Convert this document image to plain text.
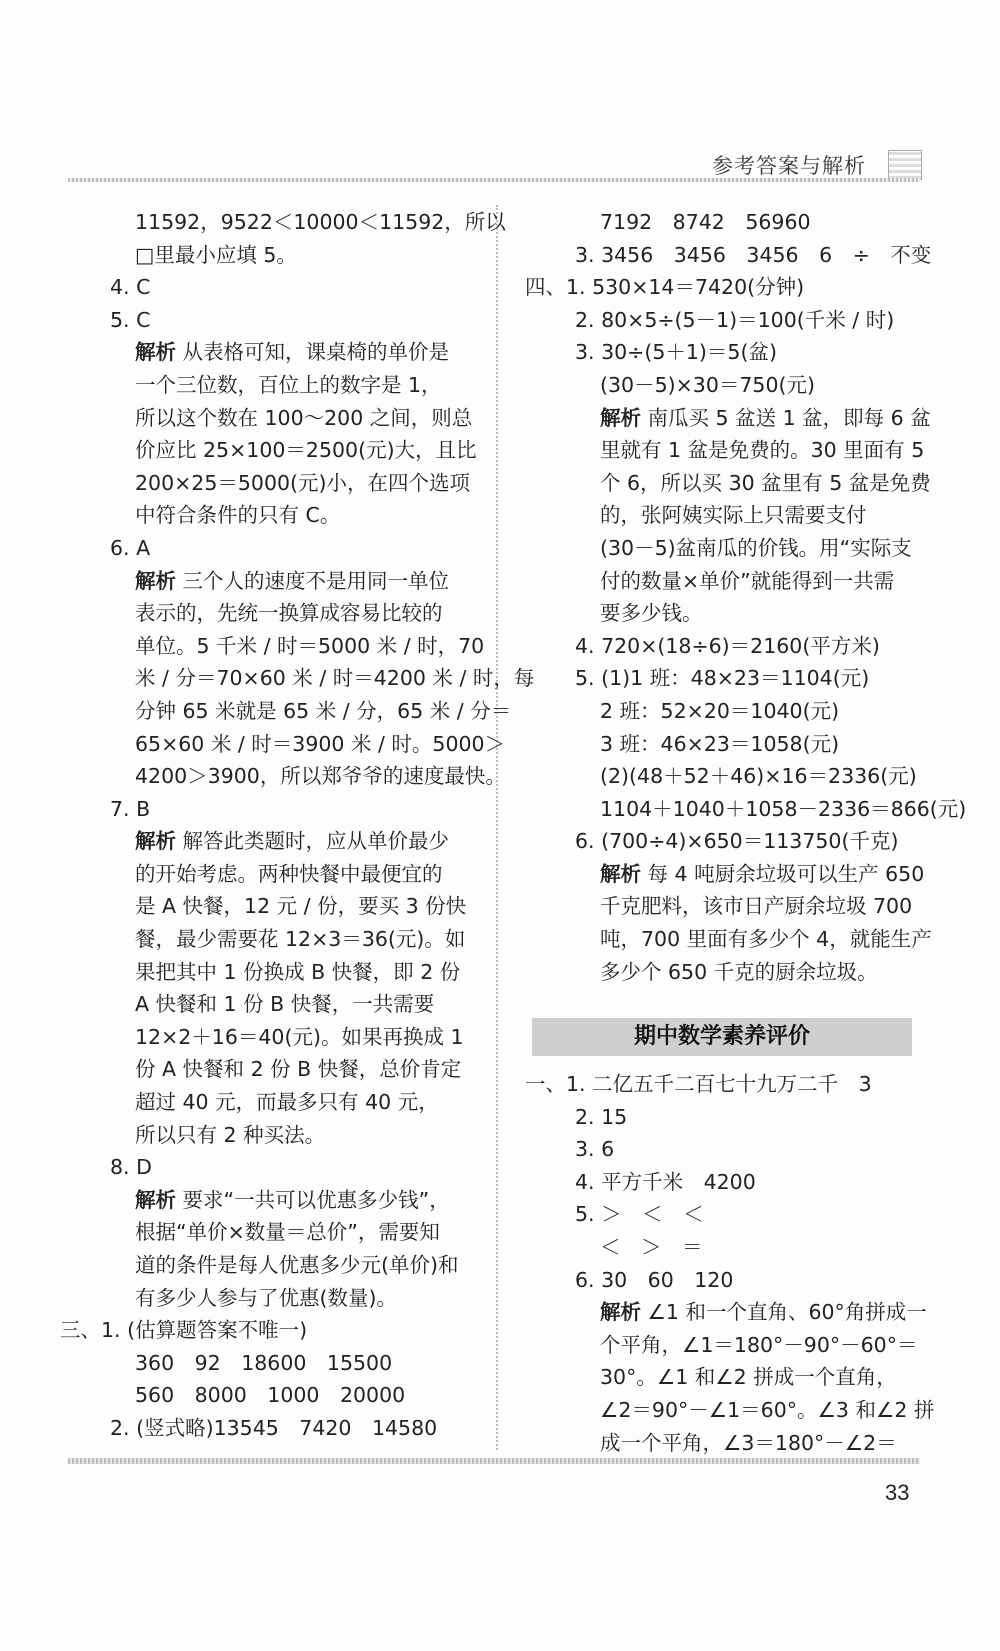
参考答案与解析
11592，9522＜10000＜11592，所以
□里最小应填 5。
4. C
5. C
解析 从表格可知，课桌椅的单价是
一个三位数，百位上的数字是 1，
所以这个数在 100～200 之间，则总
价应比 25×100＝2500(元)大，且比
200×25＝5000(元)小，在四个选项
中符合条件的只有 C。
6. A
解析 三个人的速度不是用同一单位
表示的，先统一换算成容易比较的
单位。5 千米 / 时＝5000 米 / 时，70
米 / 分＝70×60 米 / 时＝4200 米 / 时，每
分钟 65 米就是 65 米 / 分，65 米 / 分＝
65×60 米 / 时＝3900 米 / 时。5000＞
4200＞3900，所以郑爷爷的速度最快。
7. B
解析 解答此类题时，应从单价最少
的开始考虑。两种快餐中最便宜的
是 A 快餐，12 元 / 份，要买 3 份快
餐，最少需要花 12×3＝36(元)。如
果把其中 1 份换成 B 快餐，即 2 份
A 快餐和 1 份 B 快餐，一共需要
12×2＋16＝40(元)。如果再换成 1
份 A 快餐和 2 份 B 快餐，总价肯定
超过 40 元，而最多只有 40 元，
所以只有 2 种买法。
8. D
解析 要求“一共可以优惠多少钱”，
根据“单价×数量＝总价”，需要知
道的条件是每人优惠多少元(单价)和
有多少人参与了优惠(数量)。
三、1. (估算题答案不唯一)
360　92　18600　15500
560　8000　1000　20000
2. (竖式略)13545　7420　14580
7192　8742　56960
3. 3456　3456　3456　6　÷　不变
四、1. 530×14＝7420(分钟)
2. 80×5÷(5－1)＝100(千米 / 时)
3. 30÷(5＋1)＝5(盆)
(30－5)×30＝750(元)
解析 南瓜买 5 盆送 1 盆，即每 6 盆
里就有 1 盆是免费的。30 里面有 5
个 6，所以买 30 盆里有 5 盆是免费
的，张阿姨实际上只需要支付
(30－5)盆南瓜的价钱。用“实际支
付的数量×单价”就能得到一共需
要多少钱。
4. 720×(18÷6)＝2160(平方米)
5. (1)1 班：48×23＝1104(元)
2 班：52×20＝1040(元)
3 班：46×23＝1058(元)
(2)(48＋52＋46)×16＝2336(元)
1104＋1040＋1058－2336＝866(元)
6. (700÷4)×650＝113750(千克)
解析 每 4 吨厨余垃圾可以生产 650
千克肥料，该市日产厨余垃圾 700
吨，700 里面有多少个 4，就能生产
多少个 650 千克的厨余垃圾。
期中数学素养评价
一、1. 二亿五千二百七十九万二千　3
2. 15
3. 6
4. 平方千米　4200
5. ＞　＜　＜
＜　＞　＝
6. 30　60　120
解析 ∠1 和一个直角、60°角拼成一
个平角，∠1＝180°－90°－60°＝
30°。∠1 和∠2 拼成一个直角，
∠2＝90°－∠1＝60°。∠3 和∠2 拼
成一个平角，∠3＝180°－∠2＝
33
